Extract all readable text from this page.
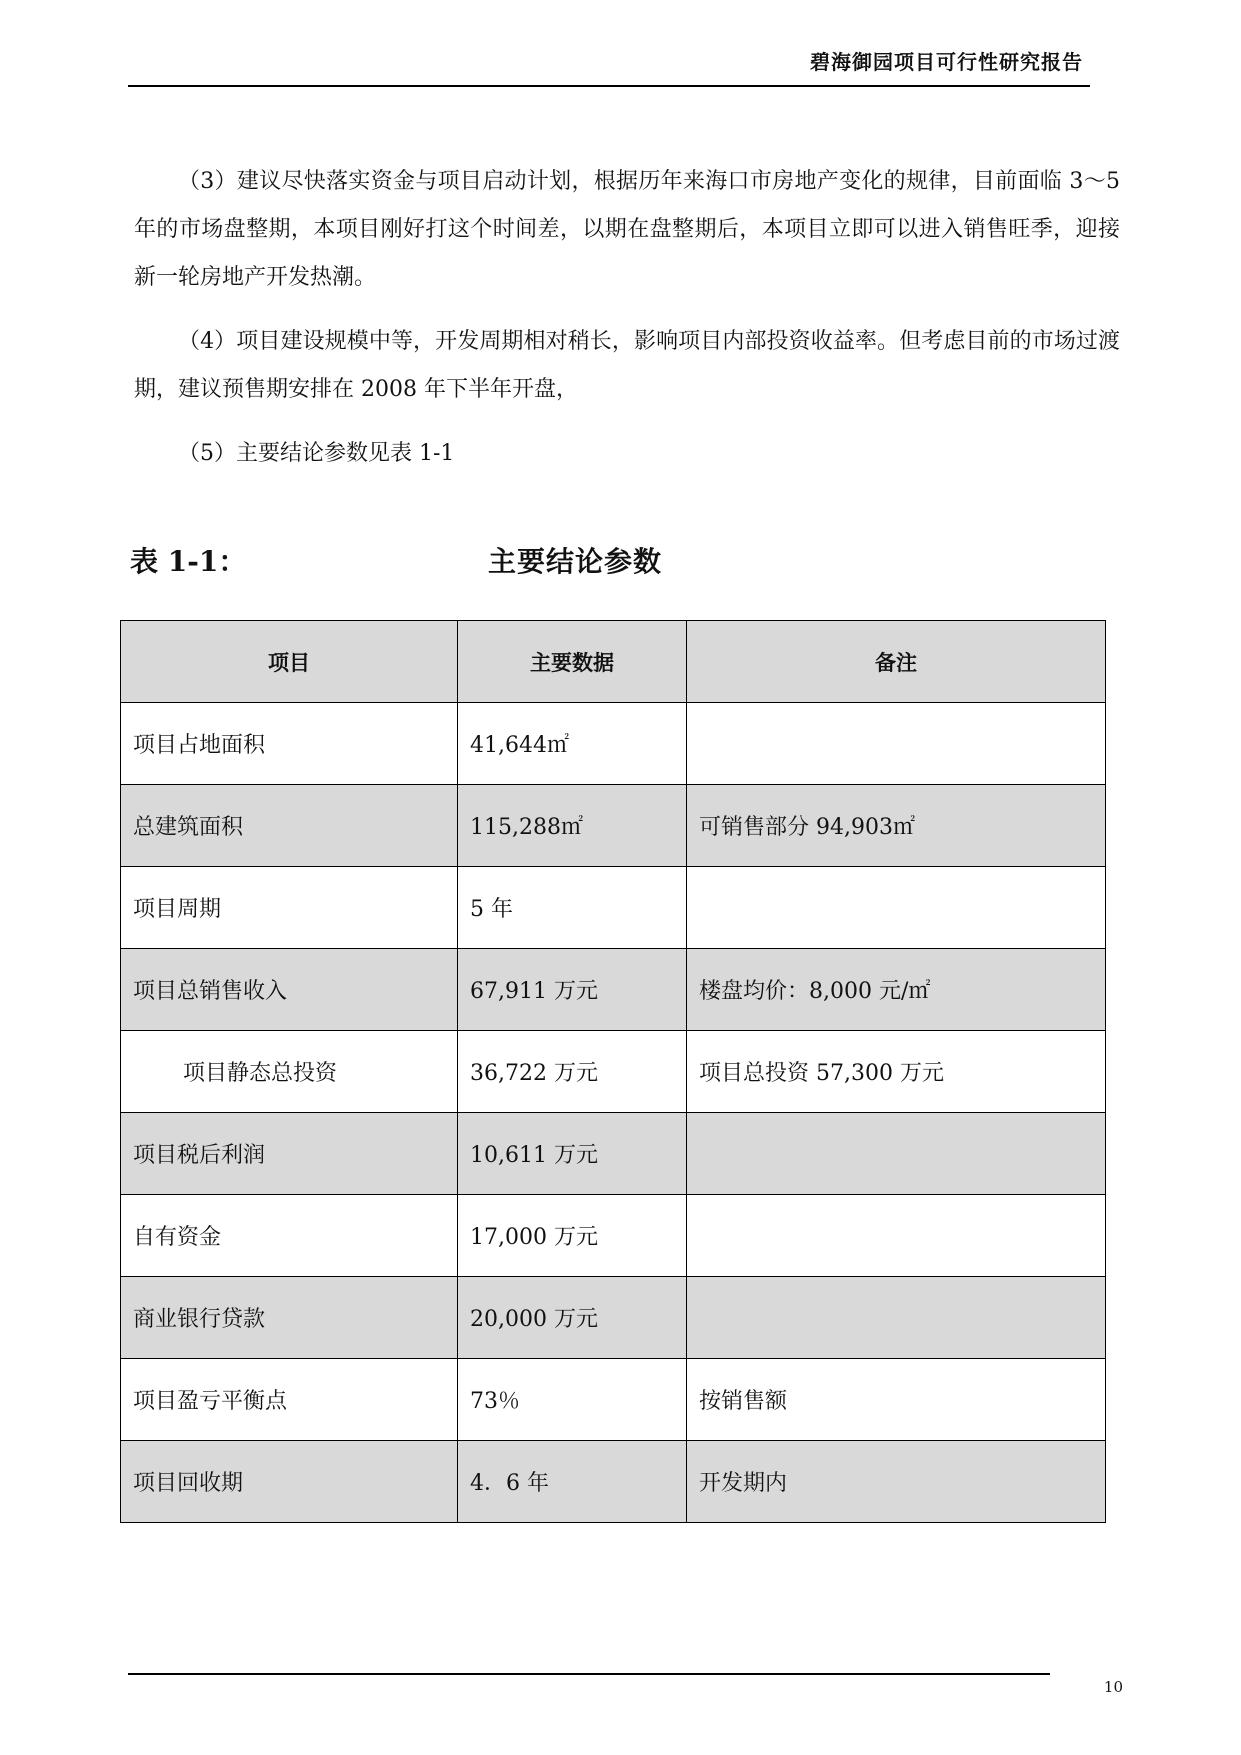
碧海御园项目可行性研究报告

（3）建议尽快落实资金与项目启动计划，根据历年来海口市房地产变化的规律，目前面临 3～5 年的市场盘整期，本项目刚好打这个时间差，以期在盘整期后，本项目立即可以进入销售旺季，迎接新一轮房地产开发热潮。

（4）项目建设规模中等，开发周期相对稍长，影响项目内部投资收益率。但考虑目前的市场过渡期，建议预售期安排在 2008 年下半年开盘，

（5）主要结论参数见表 1-1

表 1-1：	主要结论参数
项目	主要数据	备注
项目占地面积	41,644㎡	
总建筑面积	115,288㎡	可销售部分 94,903㎡
项目周期	5 年	
项目总销售收入	67,911 万元	楼盘均价：8,000 元/㎡
项目静态总投资	36,722 万元	项目总投资 57,300 万元
项目税后利润	10,611 万元	
自有资金	17,000 万元	
商业银行贷款	20,000 万元	
项目盈亏平衡点	73％	按销售额
项目回收期	4．6 年	开发期内
10
